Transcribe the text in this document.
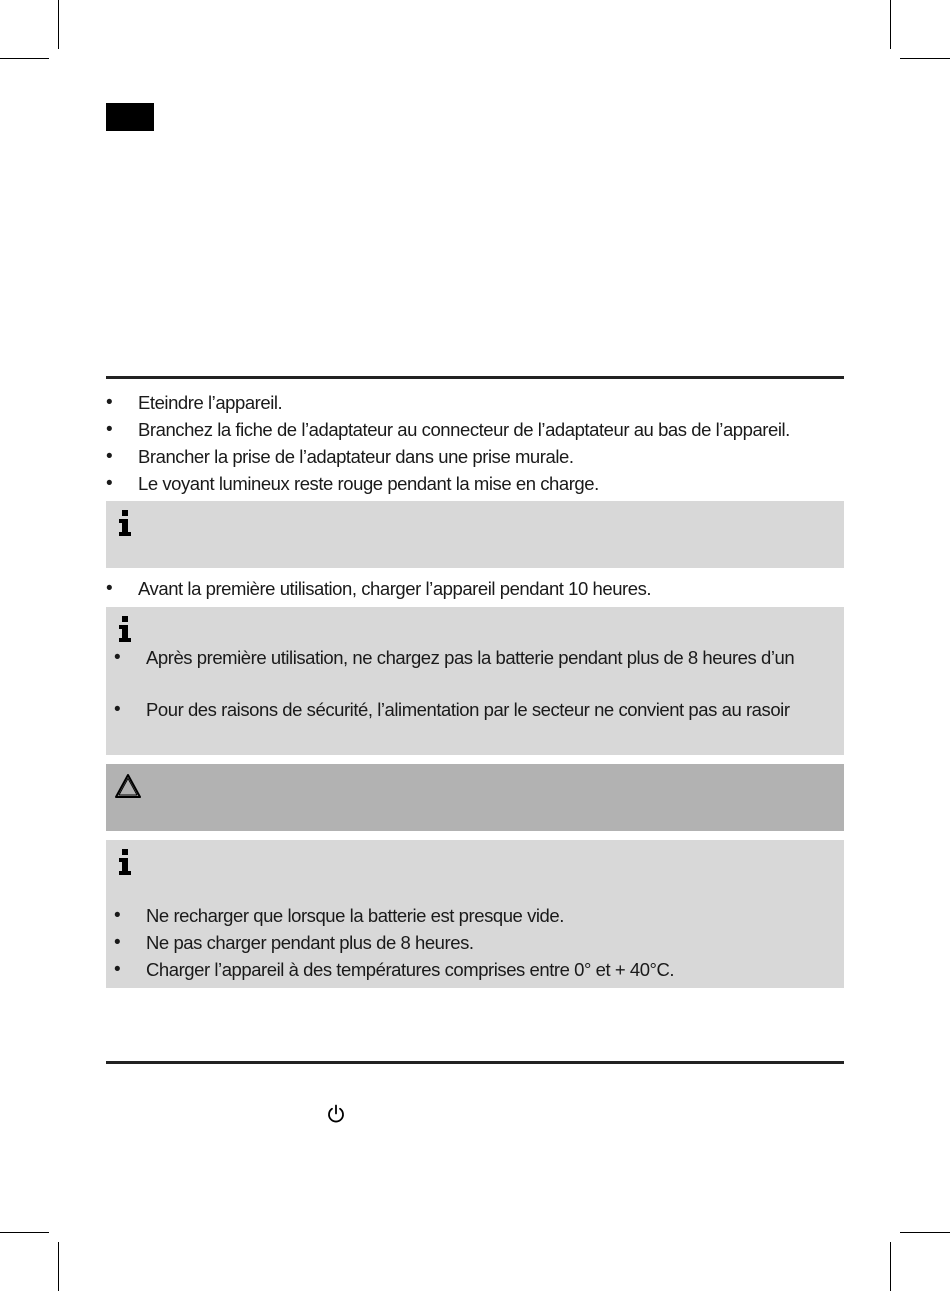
• Eteindre l’appareil.
• Branchez la fiche de l’adaptateur au connecteur de l’adaptateur au bas de l’appareil.
• Brancher la prise de l’adaptateur dans une prise murale.
• Le voyant lumineux reste rouge pendant la mise en charge.
• Avant la première utilisation, charger l’appareil pendant 10 heures.
• Après première utilisation, ne chargez pas la batterie pendant plus de 8 heures d’un
• Pour des raisons de sécurité, l’alimentation par le secteur ne convient pas au rasoir
• Ne recharger que lorsque la batterie est presque vide.
• Ne pas charger pendant plus de 8 heures.
• Charger l’appareil à des températures comprises entre 0° et + 40°C.
